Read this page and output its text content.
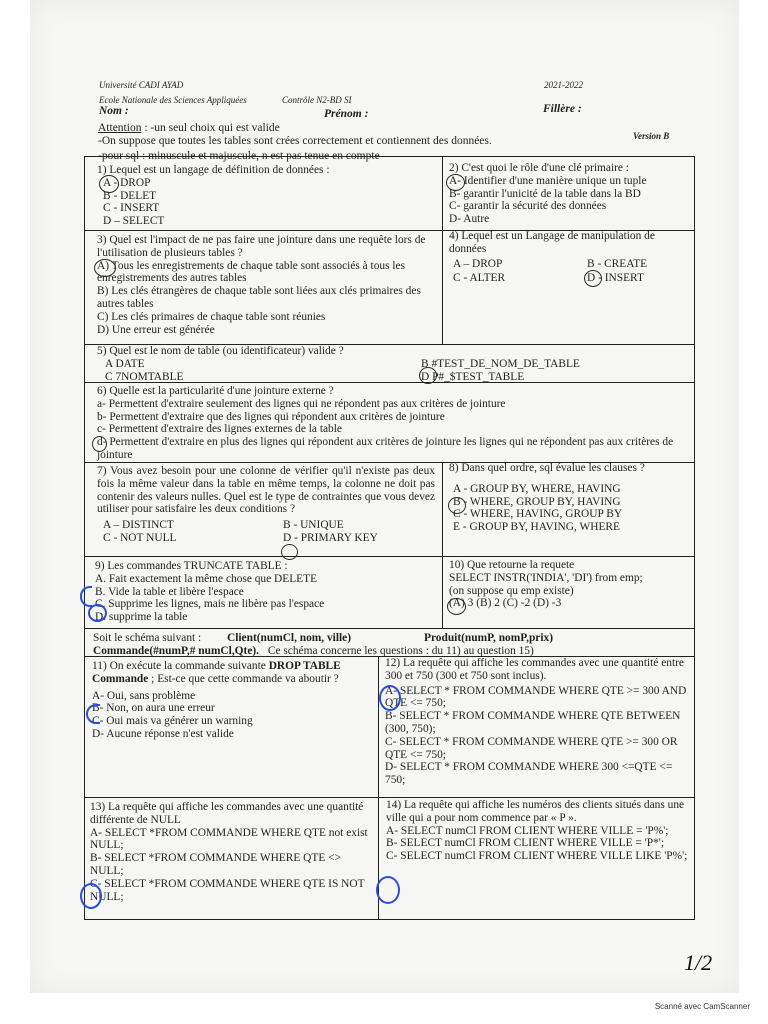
Université CADI AYAD
Ecole Nationale des Sciences Appliquées	Contrôle N2-BD SI
2021-2022
Nom :	Prénom :	Fillère :
Version B
Attention : -un seul choix qui est valide
-On suppose que toutes les tables sont crées correctement et contiennent des données.
-pour sql : minuscule et majuscule, n est pas tenue en compte

1) Lequel est un langage de définition de données :

A - DROP

B - DELET

C - INSERT

D – SELECT

2) C'est quoi le rôle d'une clé primaire :

A- Identifier d'une manière unique un tuple

B- garantir l'unicité de la table dans la BD

C- garantir la sécurité des données

D- Autre

3) Quel est l'impact de ne pas faire une jointure dans une requête lors de l'utilisation de plusieurs tables ?

A) Tous les enregistrements de chaque table sont associés à tous les enregistrements des autres tables

B) Les clés étrangères de chaque table sont liées aux clés primaires des autres tables

C) Les clés primaires de chaque table sont réunies

D) Une erreur est générée

4) Lequel est un Langage de manipulation de données

A – DROP	B - CREATE
C - ALTER	D - INSERT

5) Quel est le nom de table (ou identificateur) valide ?

A DATE	B #TEST_DE_NOM_DE_TABLE
C 7NOMTABLE	D P#_$TEST_TABLE

6) Quelle est la particularité d'une jointure externe ?

a- Permettent d'extraire seulement des lignes qui ne répondent pas aux critères de jointure

b- Permettent d'extraire que des lignes qui répondent aux critères de jointure

c- Permettent d'extraire des lignes externes de la table

d- Permettent d'extraire en plus des lignes qui répondent aux critères de jointure les lignes qui ne répondent pas aux critères de jointure

7) Vous avez besoin pour une colonne de vérifier qu'il n'existe pas deux fois la même valeur dans la table en même temps, la colonne ne doit pas contenir des valeurs nulles. Quel est le type de contraintes que vous devez utiliser pour satisfaire les deux conditions ?

A – DISTINCT	B - UNIQUE
C - NOT NULL	D - PRIMARY KEY

8) Dans quel ordre, sql évalue les clauses ?

A - GROUP BY, WHERE, HAVING

B - WHERE, GROUP BY, HAVING

C - WHERE, HAVING, GROUP BY

E - GROUP BY, HAVING, WHERE

9) Les commandes TRUNCATE TABLE :

A. Fait exactement la même chose que DELETE

B. Vide la table et libère l'espace

C. Supprime les lignes, mais ne libère pas l'espace

D. supprime la table

10) Que retourne la requete

SELECT INSTR('INDIA', 'DI') from emp;

(on suppose qu emp existe)

(A) 3 (B) 2 (C) -2 (D) -3

Soit le schéma suivant : Client(numCl, nom, ville)	Produit(numP, nomP,prix)
Commande(#numP,# numCl,Qte). Ce schéma concerne les questions : du 11) au question 15)

11) On exécute la commande suivante DROP TABLE Commande ; Est-ce que cette commande va aboutir ?

A- Oui, sans problème

B- Non, on aura une erreur

C- Oui mais va générer un warning

D- Aucune réponse n'est valide

12) La requête qui affiche les commandes avec une quantité entre 300 et 750 (300 et 750 sont inclus).

A- SELECT * FROM COMMANDE WHERE QTE >= 300 AND QTE <= 750;

B- SELECT * FROM COMMANDE WHERE QTE BETWEEN (300, 750);

C- SELECT * FROM COMMANDE WHERE QTE >= 300 OR QTE <= 750;

D- SELECT * FROM COMMANDE WHERE 300 <=QTE <= 750;

13) La requête qui affiche les commandes avec une quantité différente de NULL

A- SELECT *FROM COMMANDE WHERE QTE not exist NULL;

B- SELECT *FROM COMMANDE WHERE QTE <> NULL;

C- SELECT *FROM COMMANDE WHERE QTE IS NOT NULL;

14) La requête qui affiche les numéros des clients situés dans une ville qui a pour nom commence par « P ».

A- SELECT numCl FROM CLIENT WHERE VILLE = 'P%';

B- SELECT numCl FROM CLIENT WHERE VILLE = 'P*';

C- SELECT numCl FROM CLIENT WHERE VILLE LIKE 'P%';

1/2
Scanné avec CamScanner
